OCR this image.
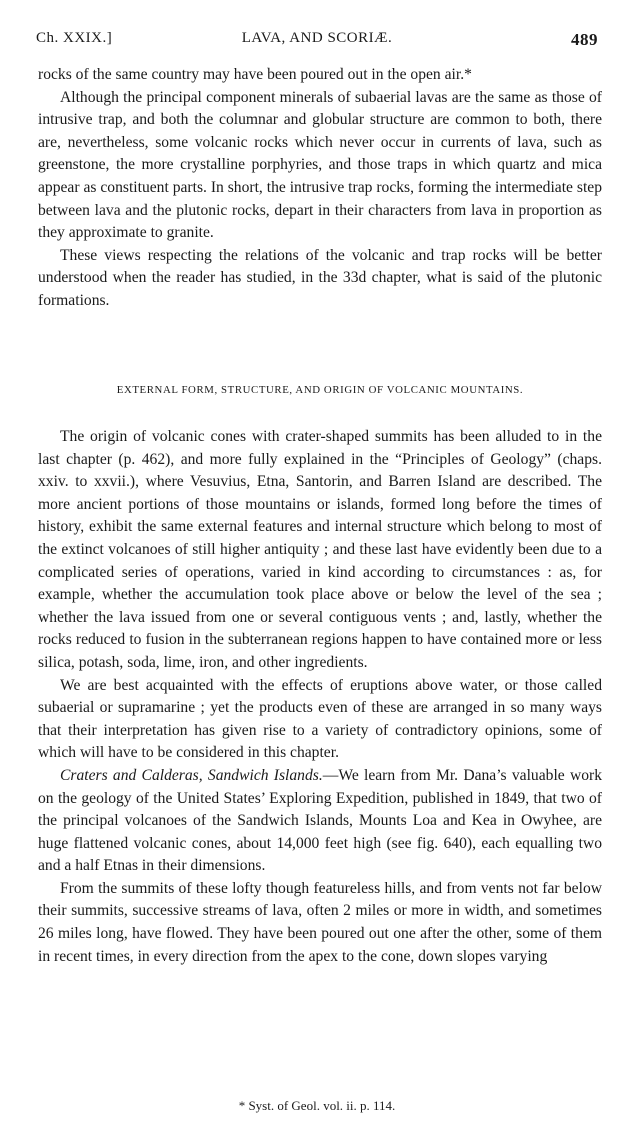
Ch. XXIX.]	LAVA, AND SCORIÆ.	489

rocks of the same country may have been poured out in the open air.*

Although the principal component minerals of subaerial lavas are the same as those of intrusive trap, and both the columnar and globular structure are common to both, there are, nevertheless, some volcanic rocks which never occur in currents of lava, such as greenstone, the more crystalline porphyries, and those traps in which quartz and mica appear as constituent parts. In short, the intrusive trap rocks, forming the intermediate step between lava and the plutonic rocks, depart in their characters from lava in proportion as they approximate to granite.

These views respecting the relations of the volcanic and trap rocks will be better understood when the reader has studied, in the 33d chapter, what is said of the plutonic formations.

EXTERNAL FORM, STRUCTURE, AND ORIGIN OF VOLCANIC MOUNTAINS.

The origin of volcanic cones with crater-shaped summits has been alluded to in the last chapter (p. 462), and more fully explained in the “Principles of Geology” (chaps. xxiv. to xxvii.), where Vesuvius, Etna, Santorin, and Barren Island are described. The more ancient portions of those mountains or islands, formed long before the times of history, exhibit the same external features and internal structure which belong to most of the extinct volcanoes of still higher antiquity ; and these last have evidently been due to a complicated series of operations, varied in kind according to circumstances : as, for example, whether the accumulation took place above or below the level of the sea ; whether the lava issued from one or several contiguous vents ; and, lastly, whether the rocks reduced to fusion in the subterranean regions happen to have contained more or less silica, potash, soda, lime, iron, and other ingredients.

We are best acquainted with the effects of eruptions above water, or those called subaerial or supramarine ; yet the products even of these are arranged in so many ways that their interpretation has given rise to a variety of contradictory opinions, some of which will have to be considered in this chapter.

Craters and Calderas, Sandwich Islands.—We learn from Mr. Dana’s valuable work on the geology of the United States’ Exploring Expedition, published in 1849, that two of the principal volcanoes of the Sandwich Islands, Mounts Loa and Kea in Owyhee, are huge flattened volcanic cones, about 14,000 feet high (see fig. 640), each equalling two and a half Etnas in their dimensions.

From the summits of these lofty though featureless hills, and from vents not far below their summits, successive streams of lava, often 2 miles or more in width, and sometimes 26 miles long, have flowed. They have been poured out one after the other, some of them in recent times, in every direction from the apex to the cone, down slopes varying

* Syst. of Geol. vol. ii. p. 114.
